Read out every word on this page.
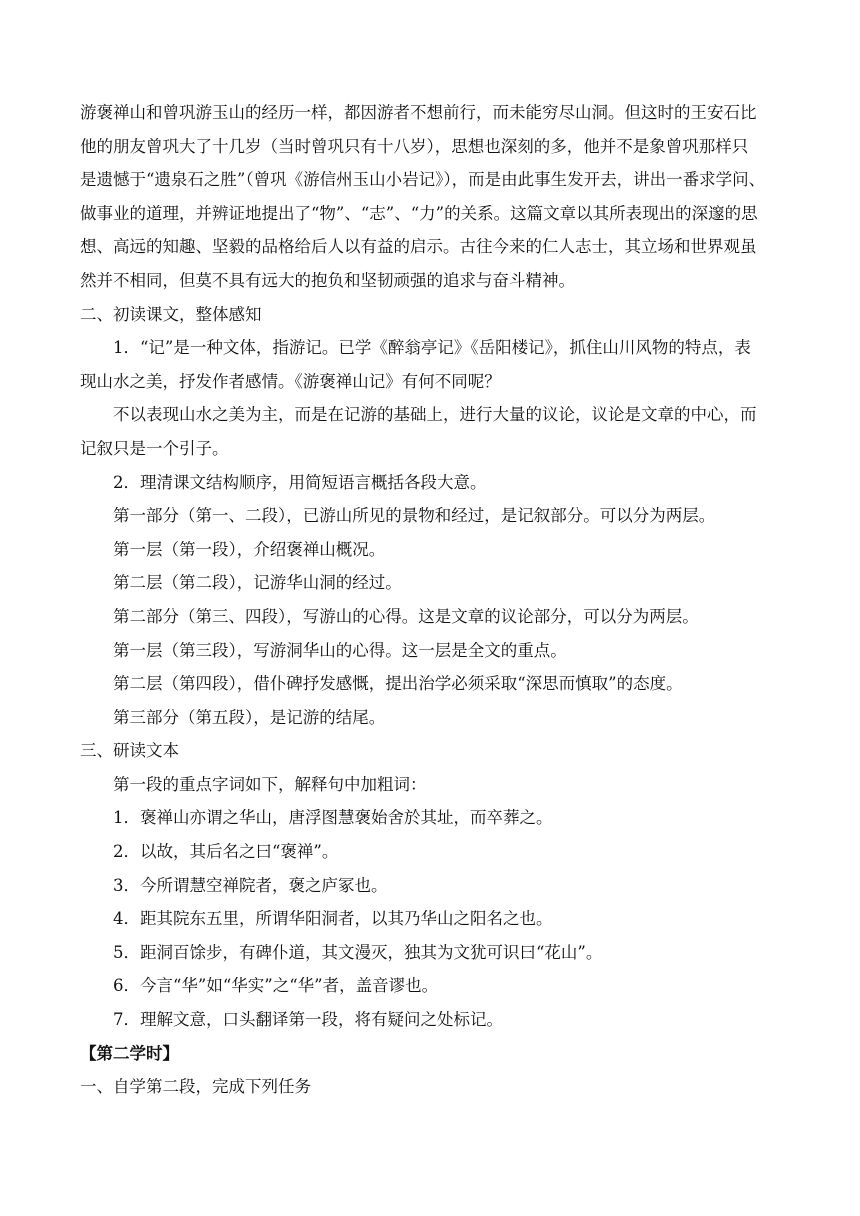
游褒禅山和曾巩游玉山的经历一样，都因游者不想前行，而未能穷尽山洞。但这时的王安石比
他的朋友曾巩大了十几岁（当时曾巩只有十八岁），思想也深刻的多，他并不是象曾巩那样只
是遗憾于“遗泉石之胜”（曾巩《游信州玉山小岩记》），而是由此事生发开去，讲出一番求学问、
做事业的道理，并辨证地提出了“物”、“志”、“力”的关系。这篇文章以其所表现出的深邃的思
想、高远的知趣、坚毅的品格给后人以有益的启示。古往今来的仁人志士，其立场和世界观虽
然并不相同，但莫不具有远大的抱负和坚韧顽强的追求与奋斗精神。
二、初读课文，整体感知
1．“记”是一种文体，指游记。已学《醉翁亭记》《岳阳楼记》，抓住山川风物的特点，表
现山水之美，抒发作者感情。《游褒禅山记》有何不同呢？
不以表现山水之美为主，而是在记游的基础上，进行大量的议论，议论是文章的中心，而
记叙只是一个引子。
2．理清课文结构顺序，用简短语言概括各段大意。
第一部分（第一、二段），已游山所见的景物和经过，是记叙部分。可以分为两层。
第一层（第一段），介绍褒禅山概况。
第二层（第二段），记游华山洞的经过。
第二部分（第三、四段），写游山的心得。这是文章的议论部分，可以分为两层。
第一层（第三段），写游洞华山的心得。这一层是全文的重点。
第二层（第四段），借仆碑抒发感慨，提出治学必须采取“深思而慎取”的态度。
第三部分（第五段），是记游的结尾。
三、研读文本
第一段的重点字词如下，解释句中加粗词：
1．褒禅山亦谓之华山，唐浮图慧褒始舍於其址，而卒葬之。
2．以故，其后名之曰“褒禅”。
3．今所谓慧空禅院者，褒之庐冢也。
4．距其院东五里，所谓华阳洞者，以其乃华山之阳名之也。
5．距洞百馀步，有碑仆道，其文漫灭，独其为文犹可识曰“花山”。
6．今言“华”如“华实”之“华”者，盖音谬也。
7．理解文意，口头翻译第一段，将有疑问之处标记。
【第二学时】
一、自学第二段，完成下列任务
